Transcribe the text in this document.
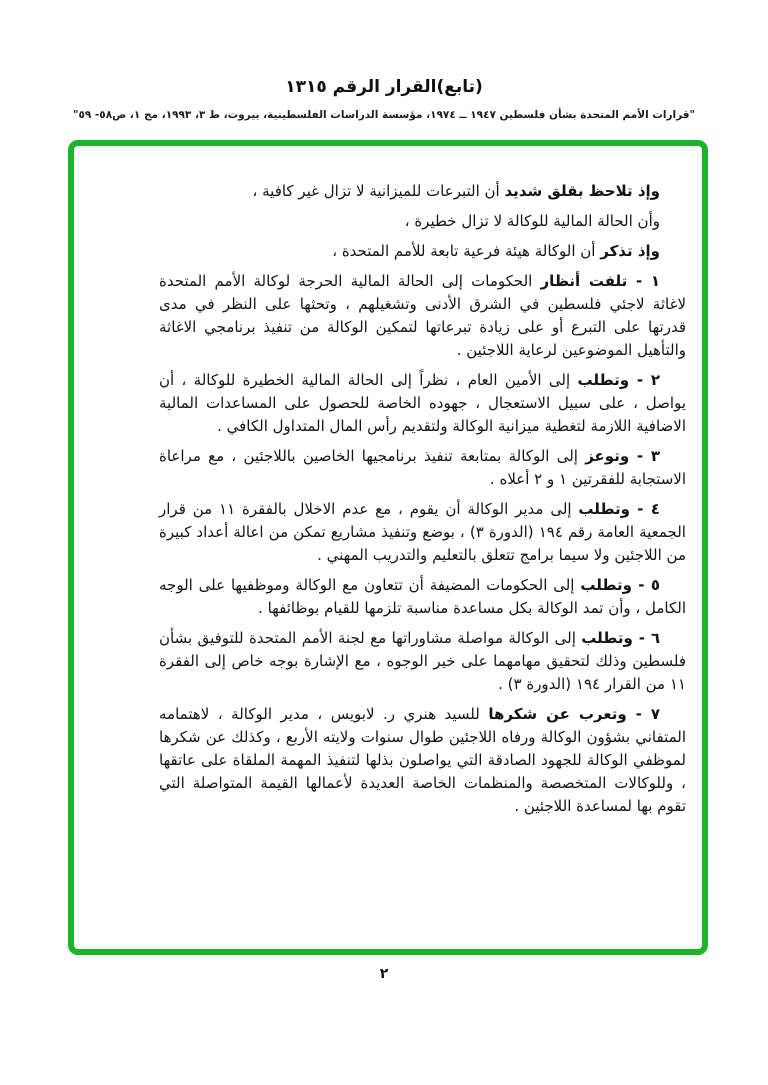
(تابع)القرار الرقم ١٣١٥
"قرارات الأمم المتحدة بشأن فلسطين ١٩٤٧ ــ ١٩٧٤، مؤسسة الدراسات الفلسطينية، بيروت، ط ٣، ١٩٩٣، مج ١، ص٥٨- ٥٩"

وإذ تلاحظ بقلق شديد أن التبرعات للميزانية لا تزال غير كافية ،

وأن الحالة المالية للوكالة لا تزال خطيرة ،

وإذ تذكر أن الوكالة هيئة فرعية تابعة للأمم المتحدة ،

١ - تلفت أنظار الحكومات إلى الحالة المالية الحرجة لوكالة الأمم المتحدة لاغاثة لاجئي فلسطين في الشرق الأدنى وتشغيلهم ، وتحثها على النظر في مدى قدرتها على التبرع أو على زيادة تبرعاتها لتمكين الوكالة من تنفيذ برنامجي الاغاثة والتأهيل الموضوعين لرعاية اللاجئين .

٢ - وتطلب إلى الأمين العام ، نظراً إلى الحالة المالية الخطيرة للوكالة ، أن يواصل ، على سبيل الاستعجال ، جهوده الخاصة للحصول على المساعدات المالية الاضافية اللازمة لتغطية ميزانية الوكالة ولتقديم رأس المال المتداول الكافي .

٣ - وتوعز إلى الوكالة بمتابعة تنفيذ برنامجيها الخاصين باللاجئين ، مع مراعاة الاستجابة للفقرتين ١ و ٢ أعلاه .

٤ - وتطلب إلى مدير الوكالة أن يقوم ، مع عدم الاخلال بالفقرة ١١ من قرار الجمعية العامة رقم ١٩٤ (الدورة ٣) ، بوضع وتنفيذ مشاريع تمكن من اعالة أعداد كبيرة من اللاجئين ولا سيما برامج تتعلق بالتعليم والتدريب المهني .

٥ - وتطلب إلى الحكومات المضيفة أن تتعاون مع الوكالة وموظفيها على الوجه الكامل ، وأن تمد الوكالة بكل مساعدة مناسبة تلزمها للقيام بوظائفها .

٦ - وتطلب إلى الوكالة مواصلة مشاوراتها مع لجنة الأمم المتحدة للتوفيق بشأن فلسطين وذلك لتحقيق مهامهما على خير الوجوه ، مع الإشارة بوجه خاص إلى الفقرة ١١ من القرار ١٩٤ (الدورة ٣) .

٧ - وتعرب عن شكرها للسيد هنري ر. لابويس ، مدير الوكالة ، لاهتمامه المتفاني بشؤون الوكالة ورفاه اللاجئين طوال سنوات ولايته الأربع ، وكذلك عن شكرها لموظفي الوكالة للجهود الصادقة التي يواصلون بذلها لتنفيذ المهمة الملقاة على عاتقها ، وللوكالات المتخصصة والمنظمات الخاصة العديدة لأعمالها القيمة المتواصلة التي تقوم بها لمساعدة اللاجئين .

٢
